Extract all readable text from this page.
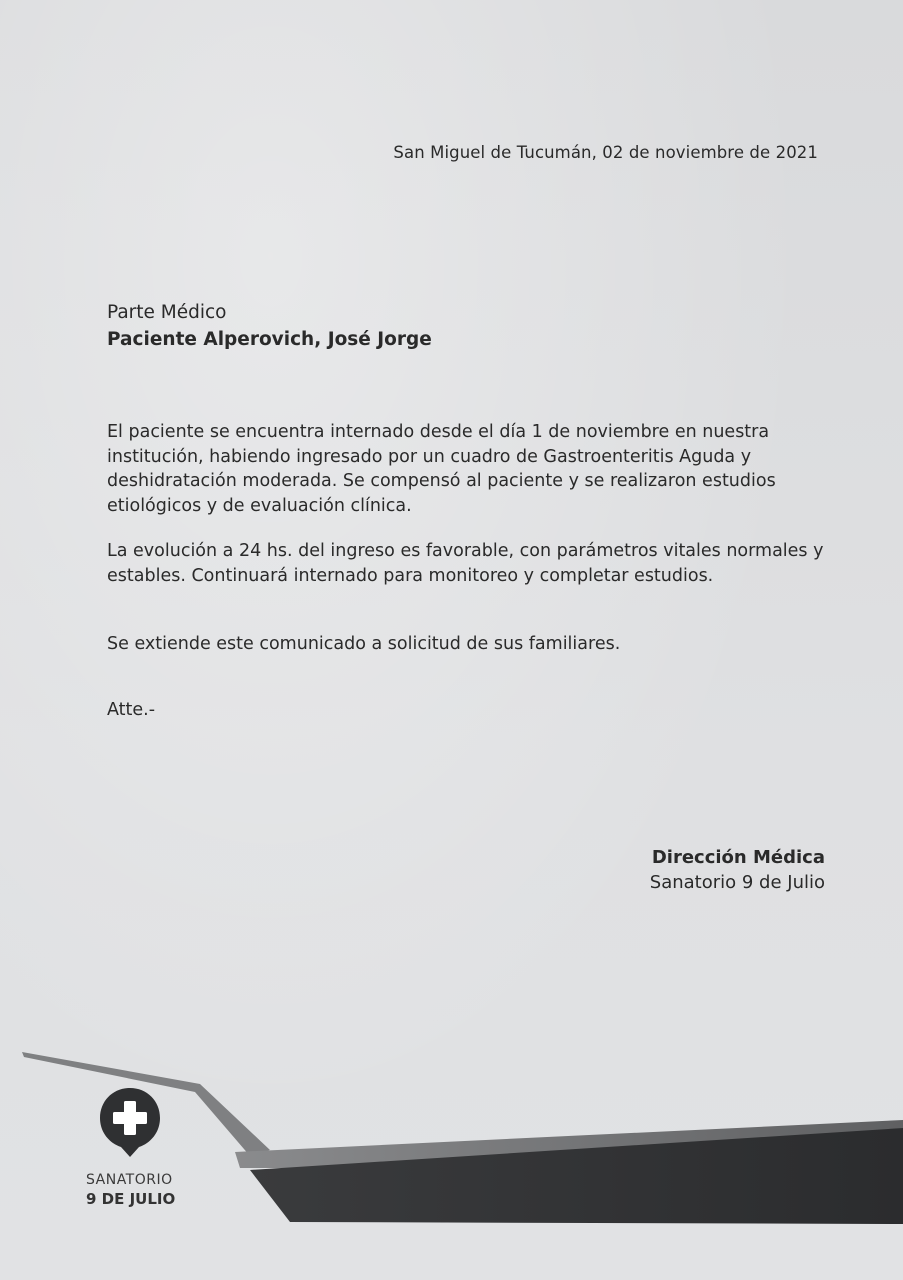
San Miguel de Tucumán, 02 de noviembre de 2021
Parte Médico
Paciente Alperovich, José Jorge

El paciente se encuentra internado desde el día 1 de noviembre en nuestra institución, habiendo ingresado por un cuadro de Gastroenteritis Aguda y deshidratación moderada. Se compensó al paciente y se realizaron estudios etiológicos y de evaluación clínica.

La evolución a 24 hs. del ingreso es favorable, con parámetros vitales normales y estables. Continuará internado para monitoreo y completar estudios.

Se extiende este comunicado a solicitud de sus familiares.

Atte.-

Dirección Médica
Sanatorio 9 de Julio
SANATORIO
9 DE JULIO
